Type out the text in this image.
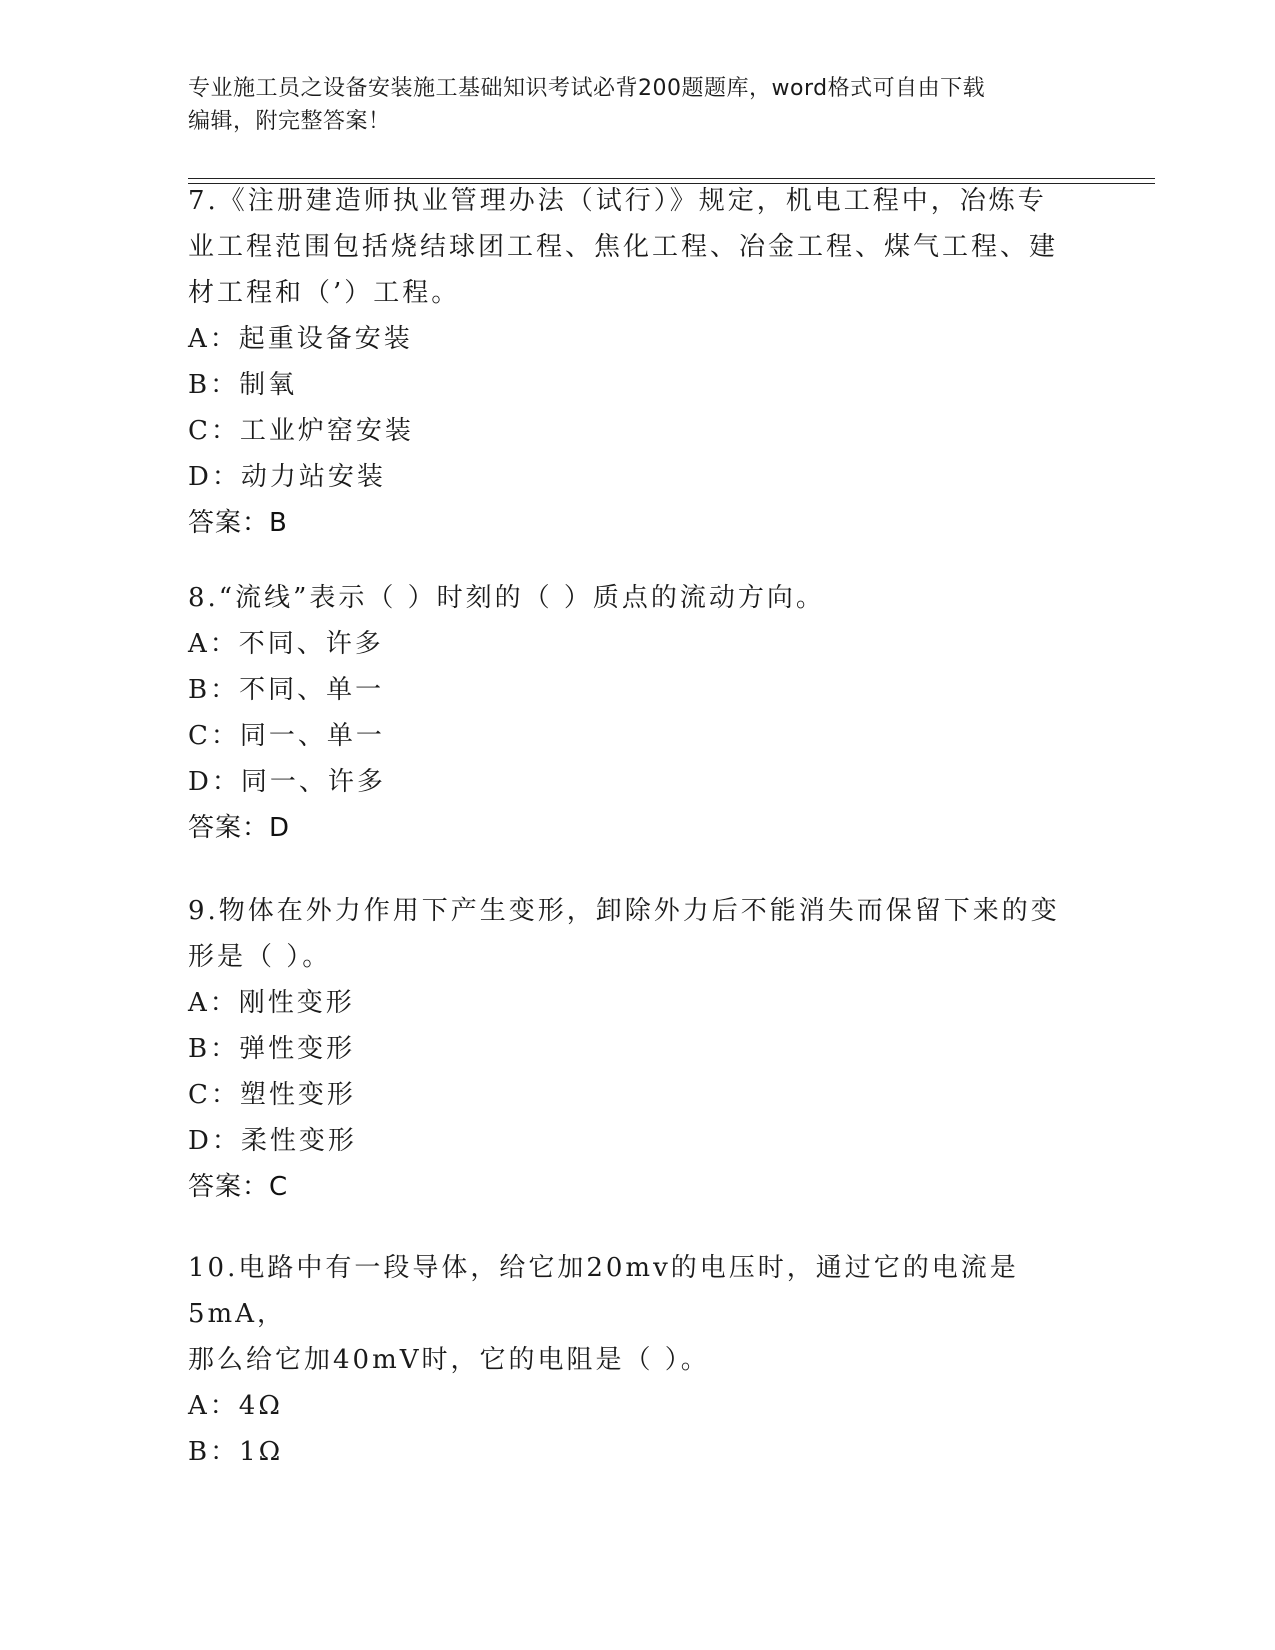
专业施工员之设备安装施工基础知识考试必背200题题库，word格式可自由下载
编辑，附完整答案！
7.《注册建造师执业管理办法（试行）》规定，机电工程中，冶炼专
业工程范围包括烧结球团工程、焦化工程、冶金工程、煤气工程、建
材工程和（’）工程。
A：起重设备安装
B：制氧
C：工业炉窑安装
D：动力站安装
答案：B
8.“流线”表示（ ）时刻的（ ）质点的流动方向。
A：不同、许多
B：不同、单一
C：同一、单一
D：同一、许多
答案：D
9.物体在外力作用下产生变形，卸除外力后不能消失而保留下来的变
形是（ ）。
A：刚性变形
B：弹性变形
C：塑性变形
D：柔性变形
答案：C
10.电路中有一段导体，给它加20mv的电压时，通过它的电流是5mA，
那么给它加40mV时，它的电阻是（ ）。
A：4Ω
B：1Ω
